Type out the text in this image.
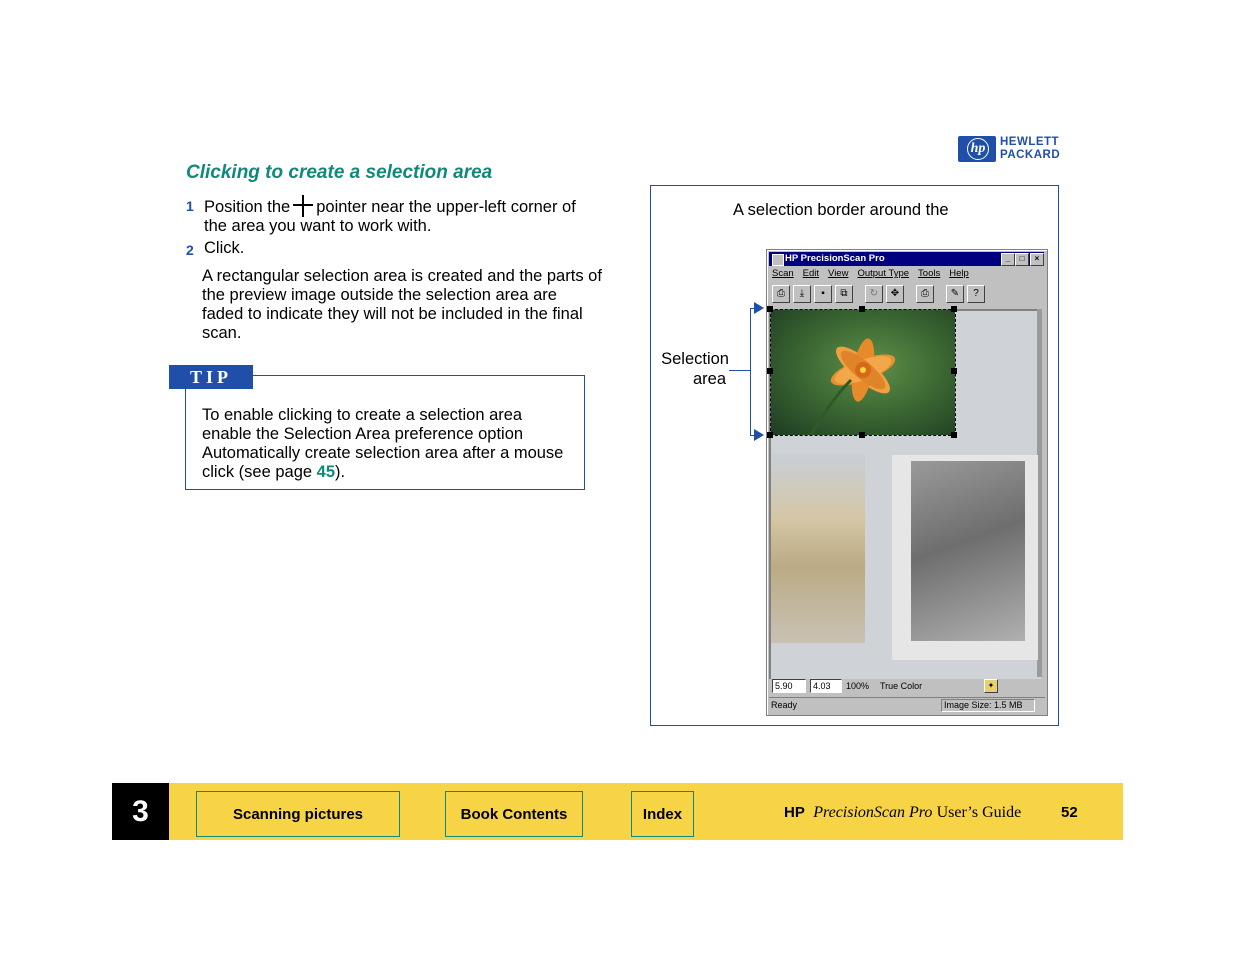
hp	HEWLETT
PACKARD
Clicking to create a selection area
1 Position the pointer near the upper-left corner of the area you want to work with.
2 Click.
A rectangular selection area is created and the parts of the preview image outside the selection area are faded to indicate they will not be included in the final scan.
TIP
To enable clicking to create a selection area enable the Selection Area preference option Automatically create selection area after a mouse click (see page 45).
A selection border around the
Selection
area
HP PrecisionScan Pro	_	□	×
Scan Edit View Output Type Tools Help
⎙	⤓	▪	⧉	↻	✥	⎙	✎	?
5.90	4.03	100%	True Color	✦
Ready	Image Size: 1.5 MB
3	Scanning pictures	Book Contents	Index	HP PrecisionScan Pro User’s Guide	52
